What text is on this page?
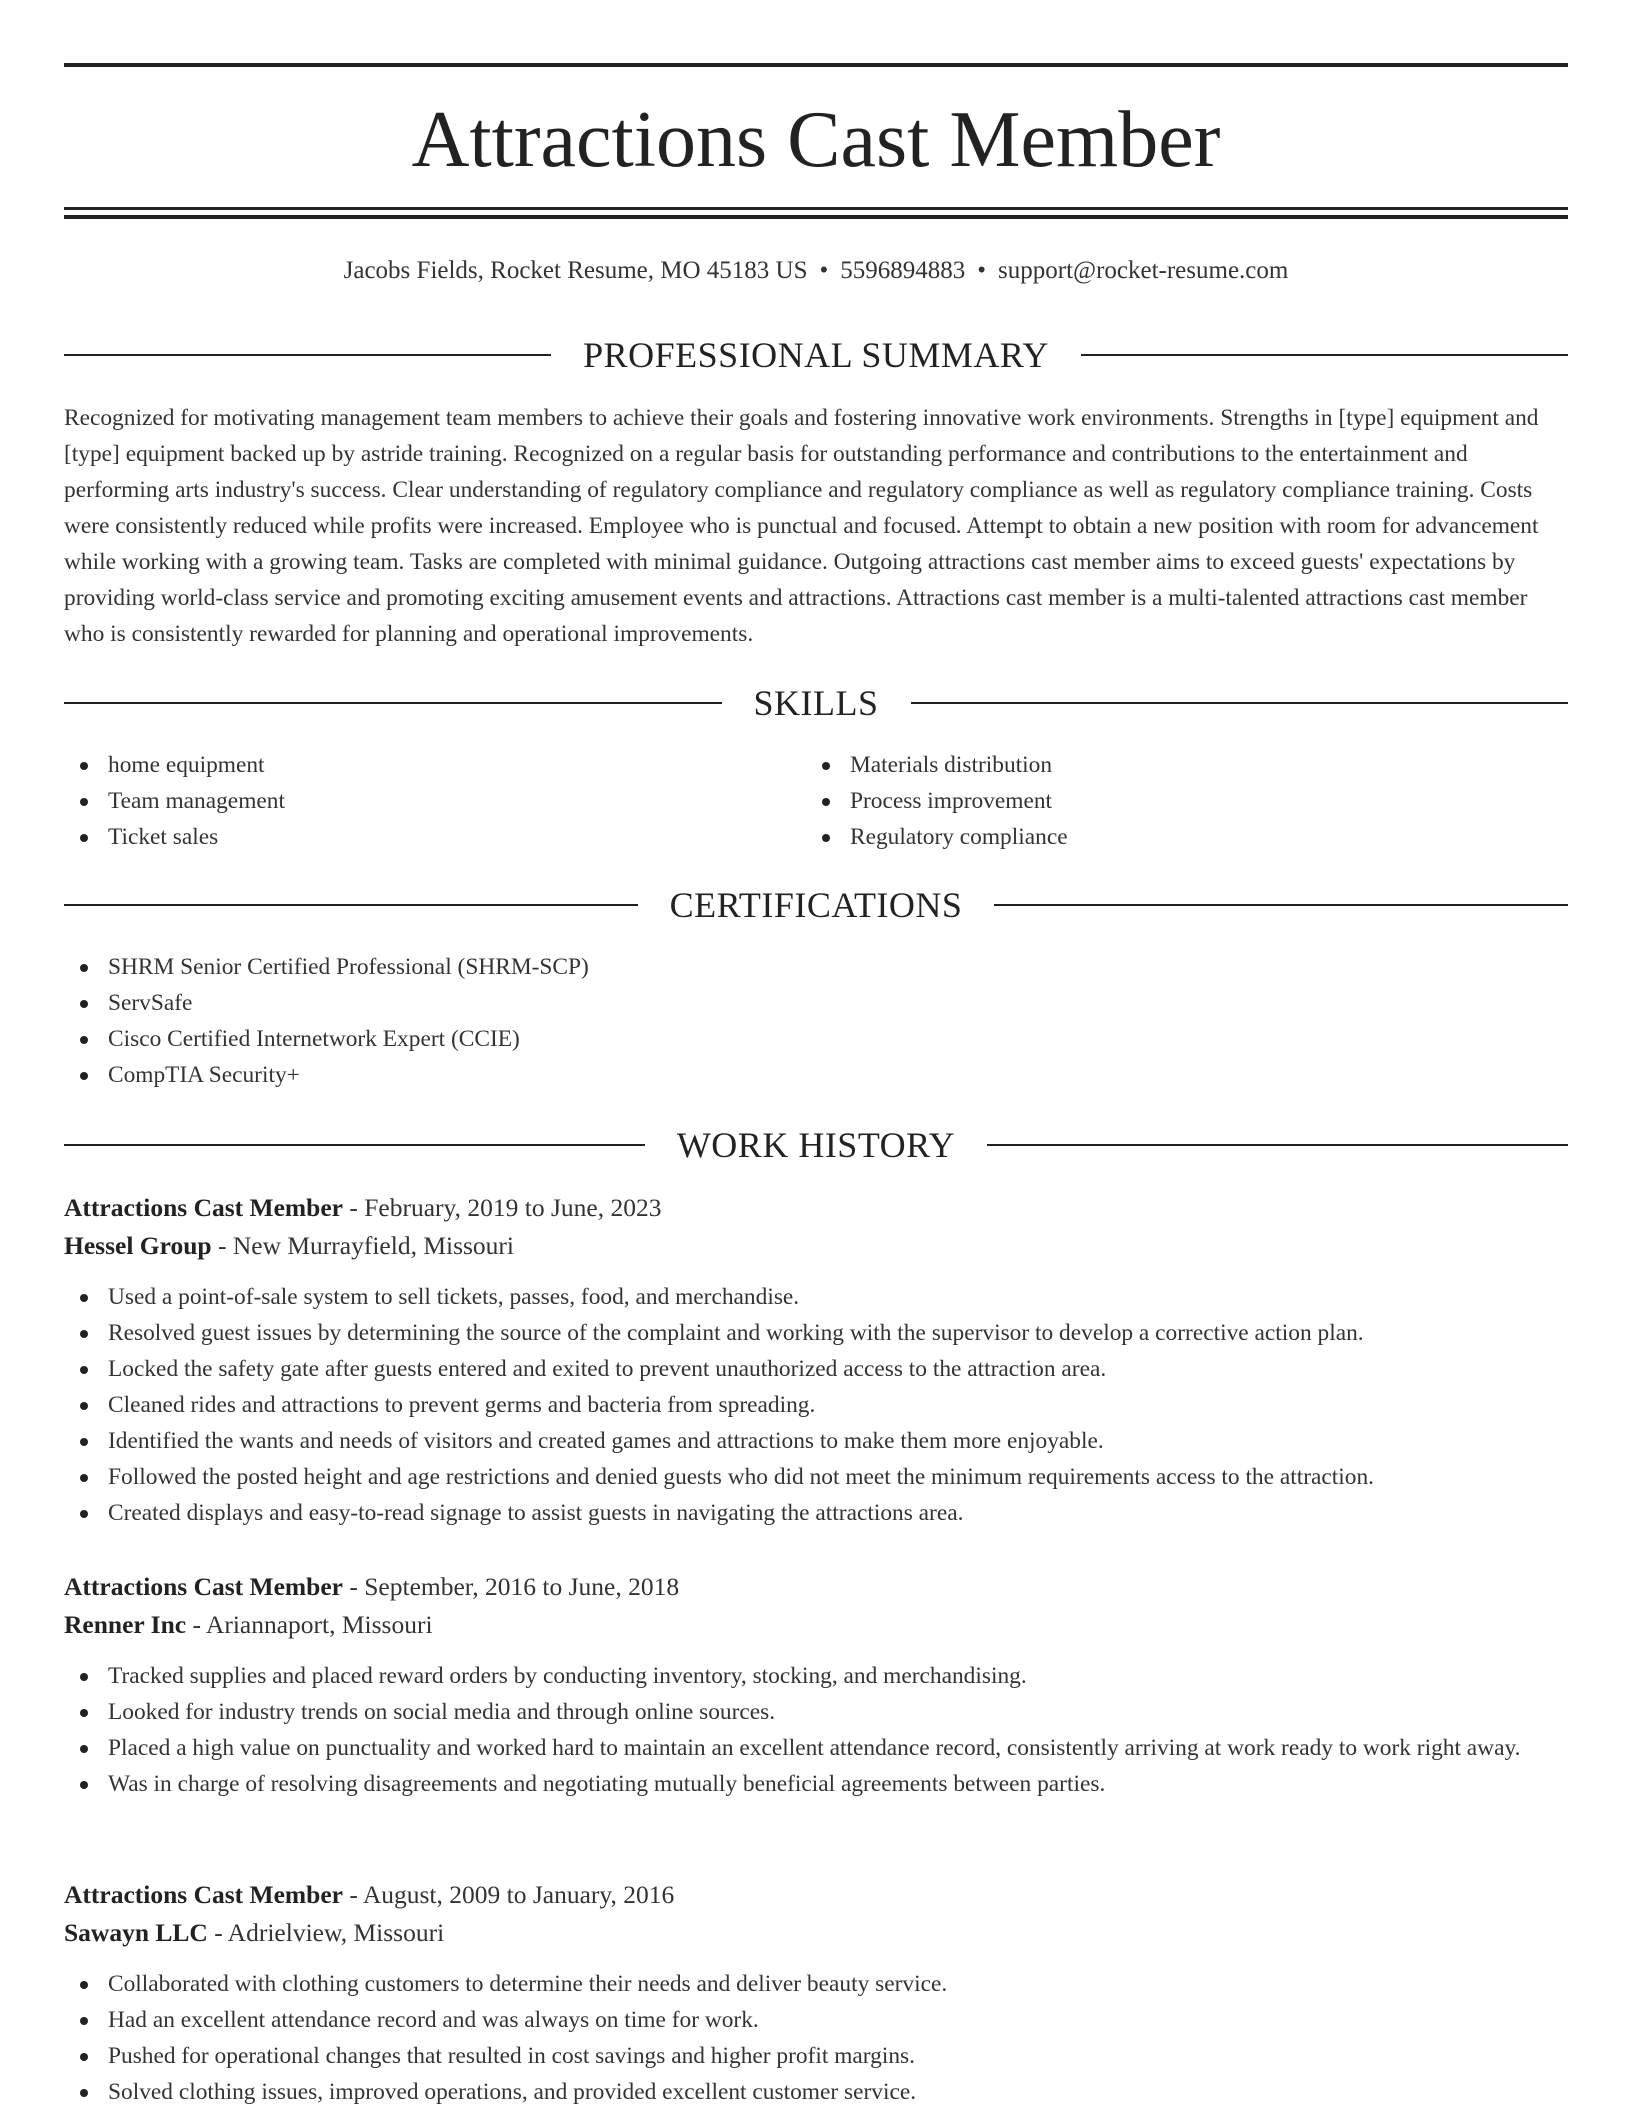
Attractions Cast Member
Jacobs Fields, Rocket Resume, MO 45183 US • 5596894883 • support@rocket-resume.com
PROFESSIONAL SUMMARY

Recognized for motivating management team members to achieve their goals and fostering innovative work environments. Strengths in [type] equipment and [type] equipment backed up by astride training. Recognized on a regular basis for outstanding performance and contributions to the entertainment and performing arts industry's success. Clear understanding of regulatory compliance and regulatory compliance as well as regulatory compliance training. Costs were consistently reduced while profits were increased. Employee who is punctual and focused. Attempt to obtain a new position with room for advancement while working with a growing team. Tasks are completed with minimal guidance. Outgoing attractions cast member aims to exceed guests' expectations by providing world-class service and promoting exciting amusement events and attractions. Attractions cast member is a multi-talented attractions cast member who is consistently rewarded for planning and operational improvements.

SKILLS
home equipment
Team management
Ticket sales
Materials distribution
Process improvement
Regulatory compliance
CERTIFICATIONS
SHRM Senior Certified Professional (SHRM-SCP)
ServSafe
Cisco Certified Internetwork Expert (CCIE)
CompTIA Security+
WORK HISTORY
Attractions Cast Member - February, 2019 to June, 2023
Hessel Group - New Murrayfield, Missouri
Used a point-of-sale system to sell tickets, passes, food, and merchandise.
Resolved guest issues by determining the source of the complaint and working with the supervisor to develop a corrective action plan.
Locked the safety gate after guests entered and exited to prevent unauthorized access to the attraction area.
Cleaned rides and attractions to prevent germs and bacteria from spreading.
Identified the wants and needs of visitors and created games and attractions to make them more enjoyable.
Followed the posted height and age restrictions and denied guests who did not meet the minimum requirements access to the attraction.
Created displays and easy-to-read signage to assist guests in navigating the attractions area.
Attractions Cast Member - September, 2016 to June, 2018
Renner Inc - Ariannaport, Missouri
Tracked supplies and placed reward orders by conducting inventory, stocking, and merchandising.
Looked for industry trends on social media and through online sources.
Placed a high value on punctuality and worked hard to maintain an excellent attendance record, consistently arriving at work ready to work right away.
Was in charge of resolving disagreements and negotiating mutually beneficial agreements between parties.
Attractions Cast Member - August, 2009 to January, 2016
Sawayn LLC - Adrielview, Missouri
Collaborated with clothing customers to determine their needs and deliver beauty service.
Had an excellent attendance record and was always on time for work.
Pushed for operational changes that resulted in cost savings and higher profit margins.
Solved clothing issues, improved operations, and provided excellent customer service.
